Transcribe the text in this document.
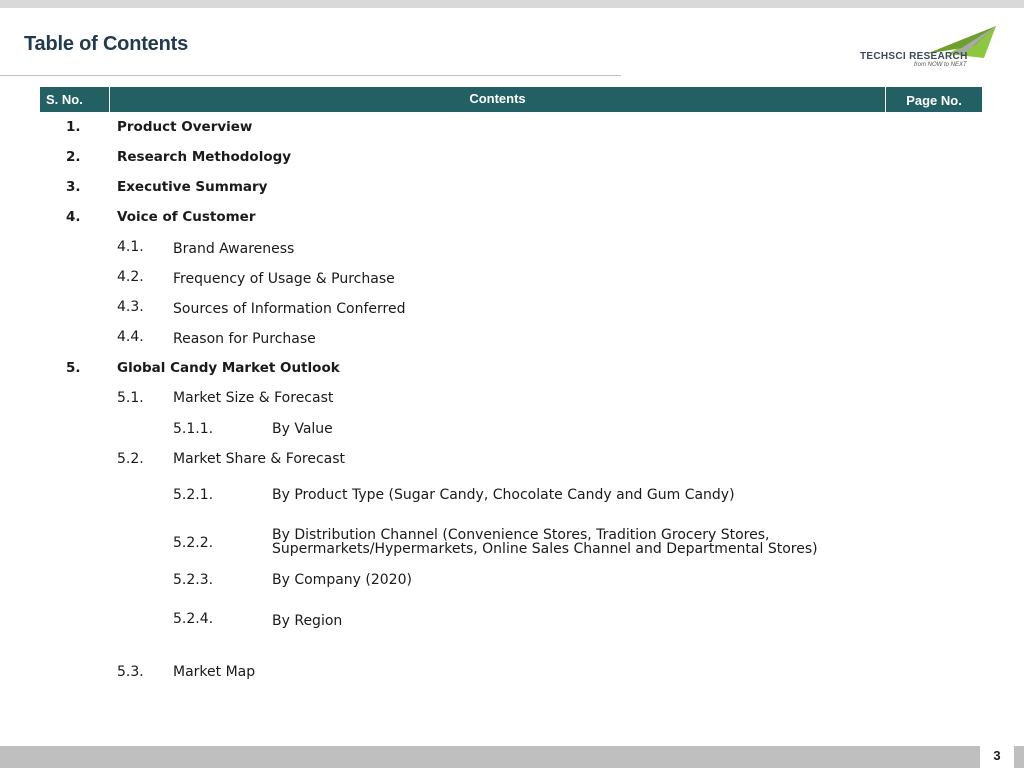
Table of Contents
TECHSCI RESEARCH
from NOW to NEXT
S. No.	Contents	Page No.
1.	Product Overview
2.	Research Methodology
3.	Executive Summary
4.	Voice of Customer
4.1. Brand Awareness
4.2. Frequency of Usage & Purchase
4.3. Sources of Information Conferred
4.4. Reason for Purchase
5.	Global Candy Market Outlook
5.1. Market Size & Forecast
5.1.1.	By Value
5.2. Market Share & Forecast
5.2.1.	By Product Type (Sugar Candy, Chocolate Candy and Gum Candy)
5.2.2.	By Distribution Channel (Convenience Stores, Tradition Grocery Stores,
Supermarkets/Hypermarkets, Online Sales Channel and Departmental Stores)
5.2.3.	By Company (2020)
5.2.4.	By Region
5.3. Market Map
3
